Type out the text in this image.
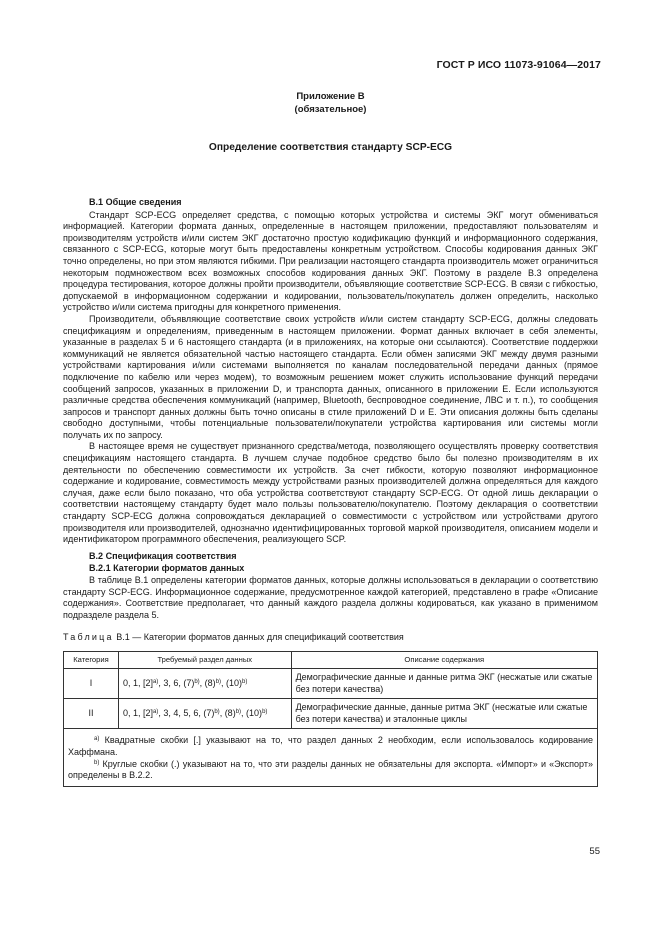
ГОСТ Р ИСО 11073-91064—2017
Приложение В
(обязательное)
Определение соответствия стандарту SCP-ECG
В.1 Общие сведения

Стандарт SCP-ECG определяет средства, с помощью которых устройства и системы ЭКГ могут обмениваться информацией. Категории формата данных, определенные в настоящем приложении, предоставляют пользователям и производителям устройств и/или систем ЭКГ достаточно простую кодификацию функций и информационного содержания, связанного с SCP-ECG, которые могут быть предоставлены конкретным устройством. Способы кодирования данных ЭКГ точно определены, но при этом являются гибкими. При реализации настоящего стандарта производитель может ограничиться некоторым подмножеством всех возможных способов кодирования данных ЭКГ. Поэтому в разделе В.3 определена процедура тестирования, которое должны пройти производители, объявляющие соответствие SCP-ECG. В связи с гибкостью, допускаемой в информационном содержании и кодировании, пользователь/покупатель должен определить, насколько устройство и/или система пригодны для конкретного применения.

Производители, объявляющие соответствие своих устройств и/или систем стандарту SCP-ECG, должны следовать спецификациям и определениям, приведенным в настоящем приложении. Формат данных включает в себя элементы, указанные в разделах 5 и 6 настоящего стандарта (и в приложениях, на которые они ссылаются). Соответствие поддержки коммуникаций не является обязательной частью настоящего стандарта. Если обмен записями ЭКГ между двумя разными устройствами картирования и/или системами выполняется по каналам последовательной передачи данных (прямое подключение по кабелю или через модем), то возможным решением может служить использование функций передачи сообщений запросов, указанных в приложении D, и транспорта данных, описанного в приложении Е. Если используются различные средства обеспечения коммуникаций (например, Bluetooth, беспроводное соединение, ЛВС и т. п.), то сообщения запросов и транспорт данных должны быть точно описаны в стиле приложений D и Е. Эти описания должны быть сделаны свободно доступными, чтобы потенциальные пользователи/покупатели устройства картирования или системы могли получать их по запросу.

В настоящее время не существует признанного средства/метода, позволяющего осуществлять проверку соответствия спецификациям настоящего стандарта. В лучшем случае подобное средство было бы полезно производителям в их деятельности по обеспечению совместимости их устройств. За счет гибкости, которую позволяют информационное содержание и кодирование, совместимость между устройствами разных производителей должна определяться для каждого случая, даже если было показано, что оба устройства соответствуют стандарту SCP-ECG. От одной лишь декларации о соответствии настоящему стандарту будет мало пользы пользователю/покупателю. Поэтому декларация о соответствии стандарту SCP-ECG должна сопровождаться декларацией о совместимости с устройством или устройствами другого производителя или производителей, однозначно идентифицированных торговой маркой производителя, описанием модели и идентификатором программного обеспечения, реализующего SCP.

В.2 Спецификация соответствия
В.2.1 Категории форматов данных

В таблице В.1 определены категории форматов данных, которые должны использоваться в декларации о соответствию стандарту SCP-ECG. Информационное содержание, предусмотренное каждой категорией, представлено в графе «Описание содержания». Соответствие предполагает, что данный каждого раздела должны кодироваться, как указано в применимом подразделе раздела 5.

Таблица В.1 — Категории форматов данных для спецификаций соответствия
Категория	Требуемый раздел данных	Описание содержания
I	0, 1, $[2]^{a)}$, 3, 6, $(7)^{b)}$, $(8)^{b)}$, $(10)^{b)}$	Демографические данные и данные ритма ЭКГ (несжатые или сжатые без потери качества)
II	0, 1, $[2]^{a)}$, 3, 4, 5, 6, $(7)^{b)}$, $(8)^{b)}$, $(10)^{b)}$	Демографические данные, данные ритма ЭКГ (несжатые или сжатые без потери качества) и эталонные циклы

$^{a)}$ Квадратные скобки [.] указывают на то, что раздел данных 2 необходим, если использовалось кодирование Хаффмана.

$^{b)}$ Круглые скобки (.) указывают на то, что эти разделы данных не обязательны для экспорта. «Импорт» и «Экспорт» определены в В.2.2.		

55
